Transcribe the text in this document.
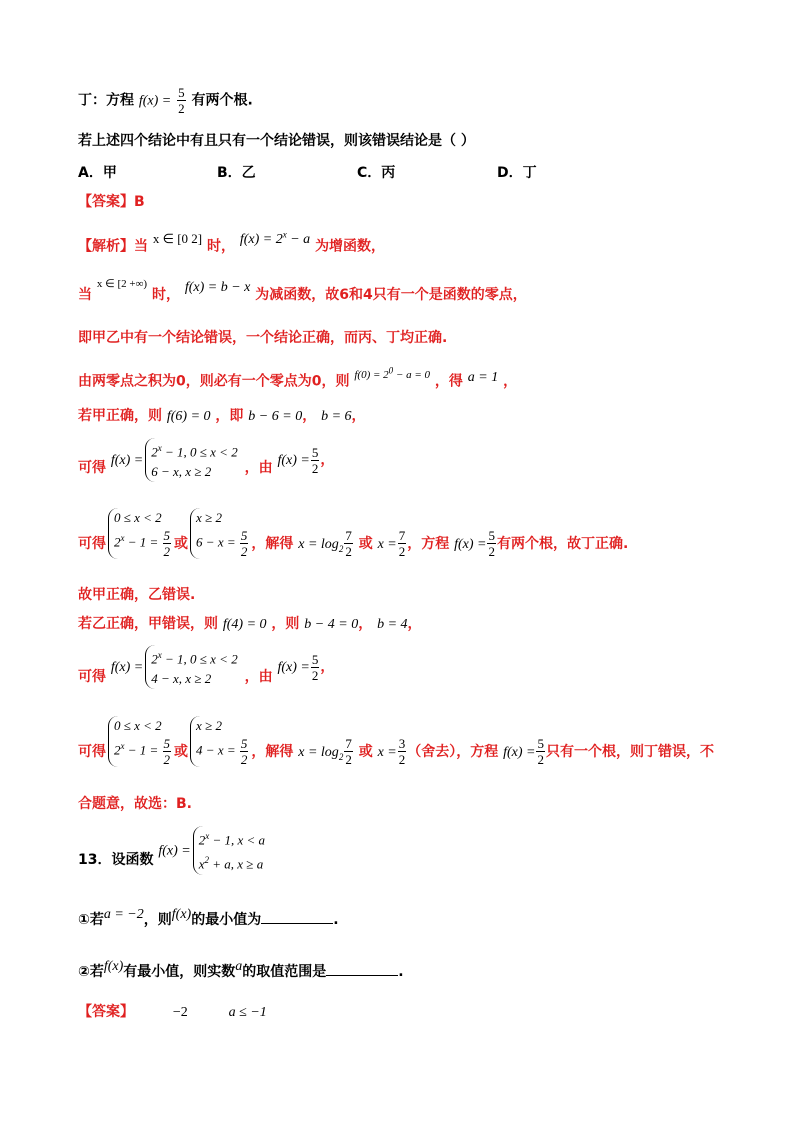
丁：方程 $f(x) = \frac{5}{2}$ 有两个根.
若上述四个结论中有且只有一个结论错误，则该错误结论是（ ）
A．甲	B．乙	C．丙	D．丁
【答案】B
【解析】当 x ∈ [0 2] 时， $f(x) = 2^x - a$ 为增函数，
当 $^{x \in [2 +\infty)}$ 时， f(x) = b − x 为减函数，故6和4只有一个是函数的零点，
即甲乙中有一个结论错误，一个结论正确，而丙、丁均正确.
由两零点之积为0，则必有一个零点为0，则 $^{f(0) = 2^0 - a = 0}$ ，得 a = 1 ，
若甲正确，则 f(6) = 0 ，即 b − 6 = 0， b = 6，
可得 f(x) =
$2^x - 1$, 0 ≤ x < 2
6 − x, x ≥ 2	，由 $f(x) = \frac{5}{2}$ ，
可得
0 ≤ x < 2
$2^x - 1 = \frac{5}{2}$ 或
x ≥ 2
$6 - x = \frac{5}{2}$ ，解得 $x = \log_2 \frac{7}{2}$ 或 $x = \frac{7}{2}$ ，方程 $f(x) = \frac{5}{2}$ 有两个根，故丁正确.
故甲正确，乙错误.
若乙正确，甲错误，则 f(4) = 0 ，则 b − 4 = 0， b = 4，
可得 f(x) =
$2^x - 1$, 0 ≤ x < 2
4 − x, x ≥ 2	，由 $f(x) = \frac{5}{2}$ ，
可得
0 ≤ x < 2
$2^x - 1 = \frac{5}{2}$ 或
x ≥ 2
$4 - x = \frac{5}{2}$ ，解得 $x = \log_2 \frac{7}{2}$ 或 $x = \frac{3}{2}$ （舍去），方程 $f(x) = \frac{5}{2}$ 只有一个根，则丁错误，不
合题意，故选：B.
13．设函数 f(x) =
$2^x - 1$, x < a
$x^2 + a$, x ≥ a
①若a = −2，则f(x)的最小值为	.
②若f(x)有最小值，则实数a的取值范围是	.
【答案】	−2	a ≤ −1
